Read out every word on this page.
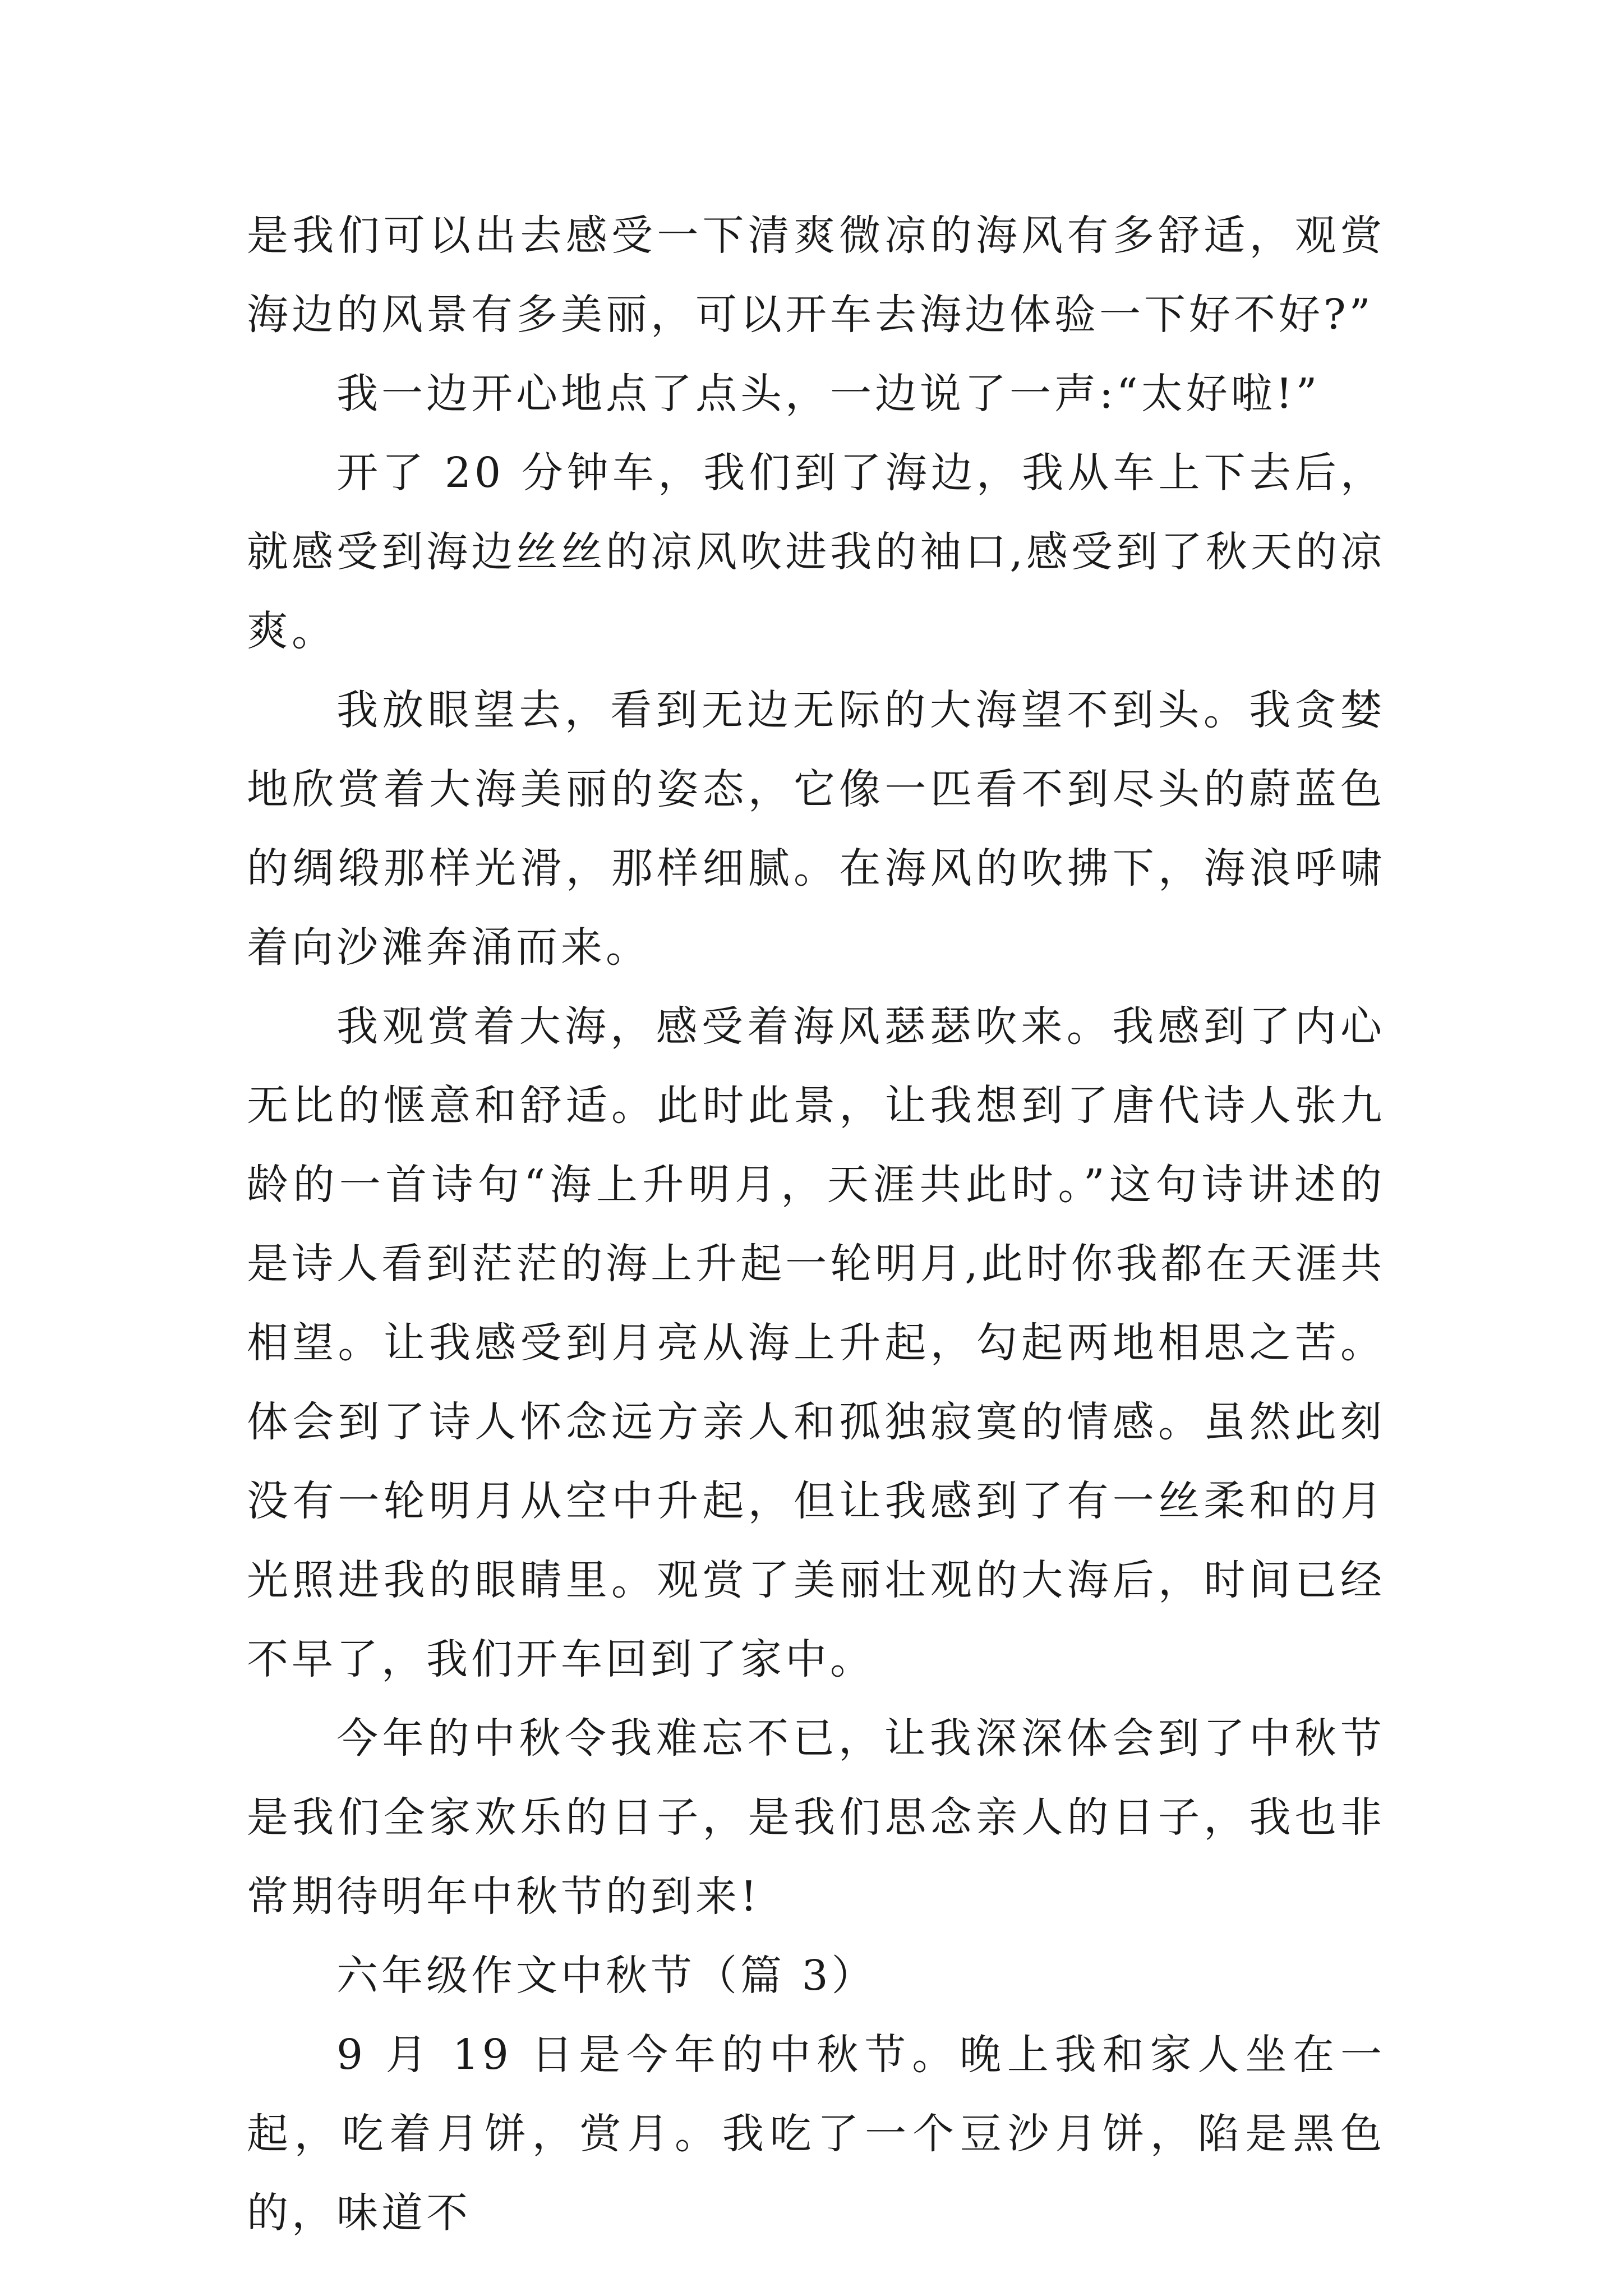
是我们可以出去感受一下清爽微凉的海风有多舒适，观赏海边的风景有多美丽，可以开车去海边体验一下好不好?”

我一边开心地点了点头，一边说了一声:“太好啦!”

开了 20 分钟车，我们到了海边，我从车上下去后，就感受到海边丝丝的凉风吹进我的袖口,感受到了秋天的凉爽。

我放眼望去，看到无边无际的大海望不到头。我贪婪地欣赏着大海美丽的姿态，它像一匹看不到尽头的蔚蓝色的绸缎那样光滑，那样细腻。在海风的吹拂下，海浪呼啸着向沙滩奔涌而来。

我观赏着大海，感受着海风瑟瑟吹来。我感到了内心无比的惬意和舒适。此时此景，让我想到了唐代诗人张九龄的一首诗句“海上升明月，天涯共此时。”这句诗讲述的是诗人看到茫茫的海上升起一轮明月,此时你我都在天涯共相望。让我感受到月亮从海上升起，勾起两地相思之苦。体会到了诗人怀念远方亲人和孤独寂寞的情感。虽然此刻没有一轮明月从空中升起，但让我感到了有一丝柔和的月光照进我的眼睛里。观赏了美丽壮观的大海后，时间已经不早了，我们开车回到了家中。

今年的中秋令我难忘不已，让我深深体会到了中秋节是我们全家欢乐的日子，是我们思念亲人的日子，我也非常期待明年中秋节的到来!

六年级作文中秋节（篇 3）

9 月 19 日是今年的中秋节。晚上我和家人坐在一起，吃着月饼，赏月。我吃了一个豆沙月饼，陷是黑色的，味道不
